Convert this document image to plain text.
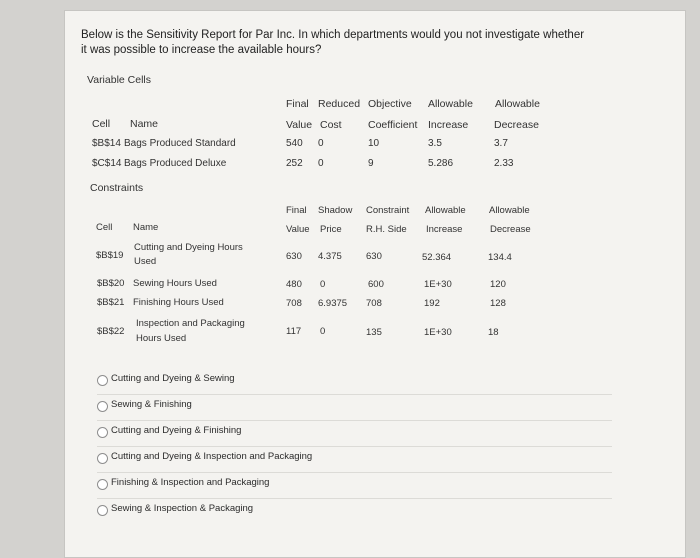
Below is the Sensitivity Report for Par Inc. In which departments would you not investigate whether
it was possible to increase the available hours?
Variable Cells
Final Reduced Objective Allowable Allowable
Cell Name	Value Cost	Coefficient Increase Decrease
$B$14 Bags Produced Standard	540 0	10	3.5	3.7
$C$14 Bags Produced Deluxe	252 0	9	5.286	2.33
Constraints
Final Shadow Constraint Allowable Allowable
Cell Name	Value Price	R.H. Side Increase	Decrease
$B$19
Cutting and Dyeing Hours
Used	630 4.375	630	52.364	134.4
$B$20 Sewing Hours Used	480 0	600	1E+30	120
$B$21 Finishing Hours Used	708 6.9375 708	192	128
$B$22
Inspection and Packaging
Hours Used
117 0	135	1E+30	18
Cutting and Dyeing & Sewing
Sewing & Finishing
Cutting and Dyeing & Finishing
Cutting and Dyeing & Inspection and Packaging
Finishing & Inspection and Packaging
Sewing & Inspection & Packaging
